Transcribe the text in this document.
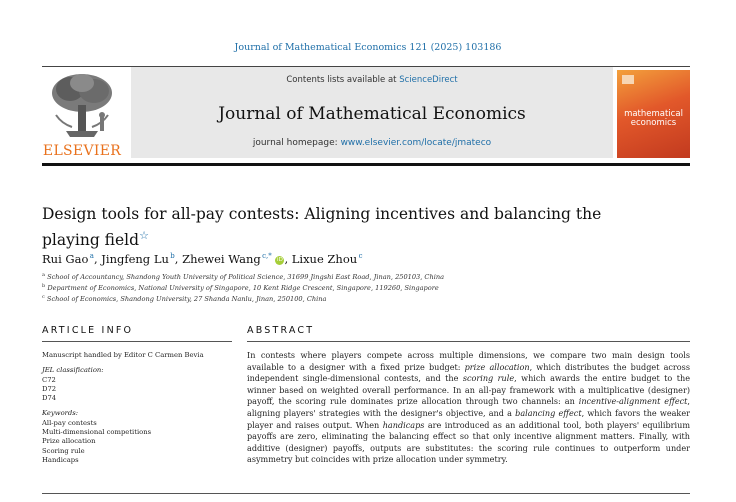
Journal of Mathematical Economics 121 (2025) 103186
ELSEVIER
Contents lists available at ScienceDirect
Journal of Mathematical Economics
journal homepage: www.elsevier.com/locate/jmateco
mathematical
economics
Design tools for all-pay contests: Aligning incentives and balancing the playing field☆
Rui Gao $^a$, Jingfeng Lu $^b$, Zhewei Wang $^{c,*}$ iD , Lixue Zhou $^c$
$^a$ School of Accountancy, Shandong Youth University of Political Science, 31699 Jingshi East Road, Jinan, 250103, China
$^b$ Department of Economics, National University of Singapore, 10 Kent Ridge Crescent, Singapore, 119260, Singapore
$^c$ School of Economics, Shandong University, 27 Shanda Nanlu, Jinan, 250100, China
ARTICLE INFO	ABSTRACT
Manuscript handled by Editor C Carmen Bevia
JEL classification:
C72
D72
D74
Keywords:
All-pay contests
Multi-dimensional competitions
Prize allocation
Scoring rule
Handicaps
In contests where players compete across multiple dimensions, we compare two main design tools available to a designer with a fixed prize budget: prize allocation, which distributes the budget across independent single-dimensional contests, and the scoring rule, which awards the entire budget to the winner based on weighted overall performance. In an all-pay framework with a multiplicative (designer) payoff, the scoring rule dominates prize allocation through two channels: an incentive-alignment effect, aligning players' strategies with the designer's objective, and a balancing effect, which favors the weaker player and raises output. When handicaps are introduced as an additional tool, both players' equilibrium payoffs are zero, eliminating the balancing effect so that only incentive alignment matters. Finally, with additive (designer) payoffs, outputs are substitutes: the scoring rule continues to outperform under asymmetry but coincides with prize allocation under symmetry.
